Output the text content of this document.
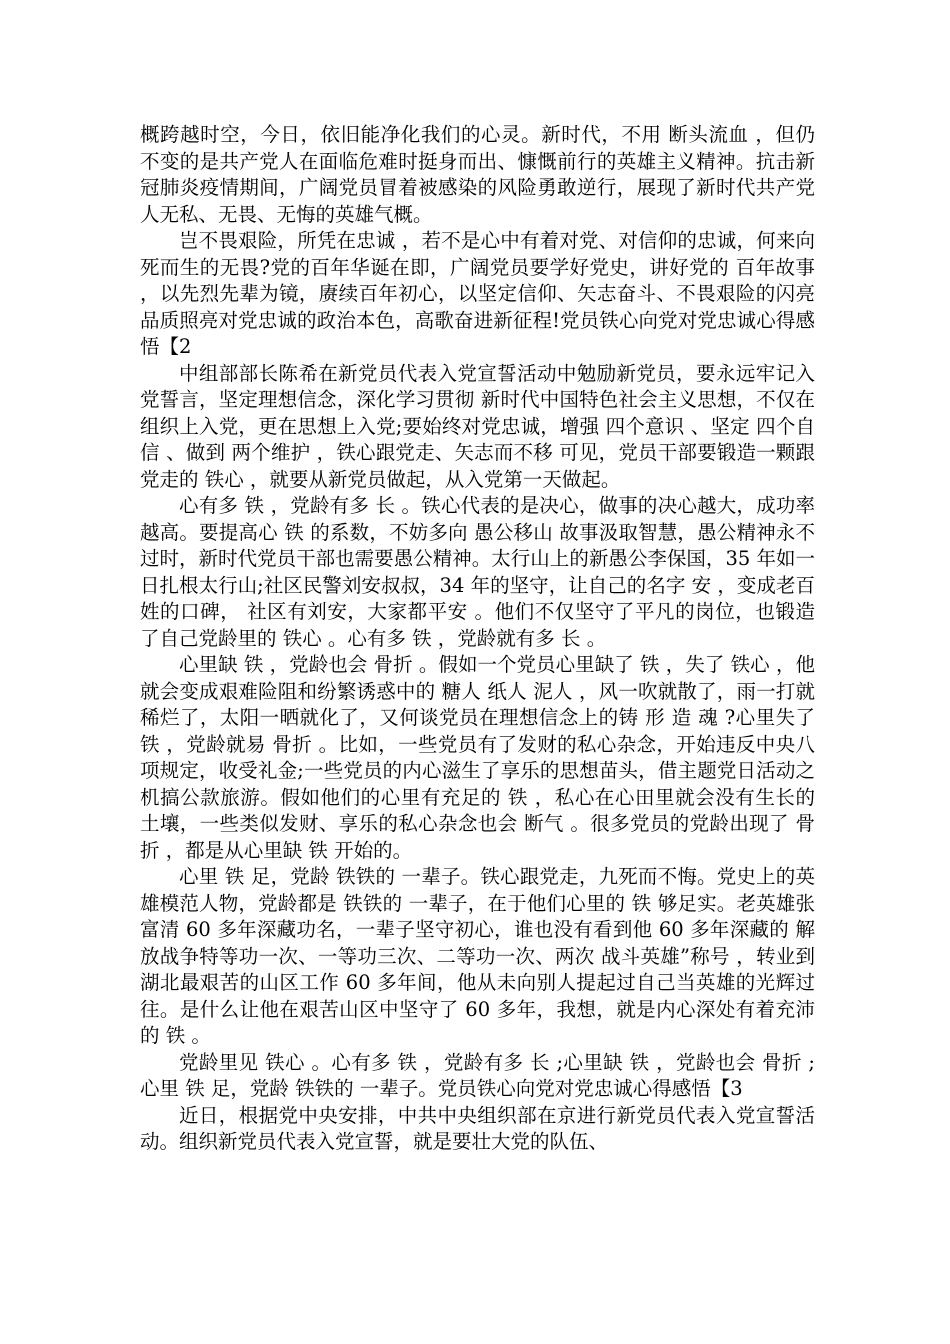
概跨越时空，今日，依旧能净化我们的心灵。新时代，不用 断头流血 ，但仍不变的是共产党人在面临危难时挺身而出、慷慨前行的英雄主义精神。抗击新冠肺炎疫情期间，广阔党员冒着被感染的风险勇敢逆行，展现了新时代共产党人无私、无畏、无悔的英雄气概。

岂不畏艰险，所凭在忠诚 ，若不是心中有着对党、对信仰的忠诚，何来向死而生的无畏?党的百年华诞在即，广阔党员要学好党史，讲好党的 百年故事 ，以先烈先辈为镜，赓续百年初心，以坚定信仰、矢志奋斗、不畏艰险的闪亮品质照亮对党忠诚的政治本色，高歌奋进新征程!党员铁心向党对党忠诚心得感悟【2

中组部部长陈希在新党员代表入党宣誓活动中勉励新党员，要永远牢记入党誓言，坚定理想信念，深化学习贯彻 新时代中国特色社会主义思想，不仅在组织上入党，更在思想上入党;要始终对党忠诚，增强 四个意识 、坚定 四个自信 、做到 两个维护 ，铁心跟党走、矢志而不移 可见，党员干部要锻造一颗跟党走的 铁心 ，就要从新党员做起，从入党第一天做起。

心有多 铁 ，党龄有多 长 。铁心代表的是决心，做事的决心越大，成功率越高。要提高心 铁 的系数，不妨多向 愚公移山 故事汲取智慧，愚公精神永不过时，新时代党员干部也需要愚公精神。太行山上的新愚公李保国，35 年如一日扎根太行山;社区民警刘安叔叔，34 年的坚守，让自己的名字 安 ，变成老百姓的口碑， 社区有刘安，大家都平安 。他们不仅坚守了平凡的岗位，也锻造了自己党龄里的 铁心 。心有多 铁 ，党龄就有多 长 。

心里缺 铁 ，党龄也会 骨折 。假如一个党员心里缺了 铁 ，失了 铁心 ，他就会变成艰难险阻和纷繁诱惑中的 糖人 纸人 泥人 ，风一吹就散了，雨一打就稀烂了，太阳一晒就化了，又何谈党员在理想信念上的铸 形 造 魂 ?心里失了 铁 ，党龄就易 骨折 。比如，一些党员有了发财的私心杂念，开始违反中央八项规定，收受礼金;一些党员的内心滋生了享乐的思想苗头，借主题党日活动之机搞公款旅游。假如他们的心里有充足的 铁 ，私心在心田里就会没有生长的土壤，一些类似发财、享乐的私心杂念也会 断气 。很多党员的党龄出现了 骨折 ，都是从心里缺 铁 开始的。

心里 铁 足，党龄 铁铁的 一辈子。铁心跟党走，九死而不悔。党史上的英雄模范人物，党龄都是 铁铁的 一辈子，在于他们心里的 铁 够足实。老英雄张富清 60 多年深藏功名，一辈子坚守初心，谁也没有看到他 60 多年深藏的 解放战争特等功一次、一等功三次、二等功一次、两次 战斗英雄”称号 ，转业到湖北最艰苦的山区工作 60 多年间，他从未向别人提起过自己当英雄的光辉过往。是什么让他在艰苦山区中坚守了 60 多年，我想，就是内心深处有着充沛的 铁 。

党龄里见 铁心 。心有多 铁 ，党龄有多 长 ;心里缺 铁 ，党龄也会 骨折 ;心里 铁 足，党龄 铁铁的 一辈子。党员铁心向党对党忠诚心得感悟【3

近日，根据党中央安排，中共中央组织部在京进行新党员代表入党宣誓活动。组织新党员代表入党宣誓，就是要壮大党的队伍、
